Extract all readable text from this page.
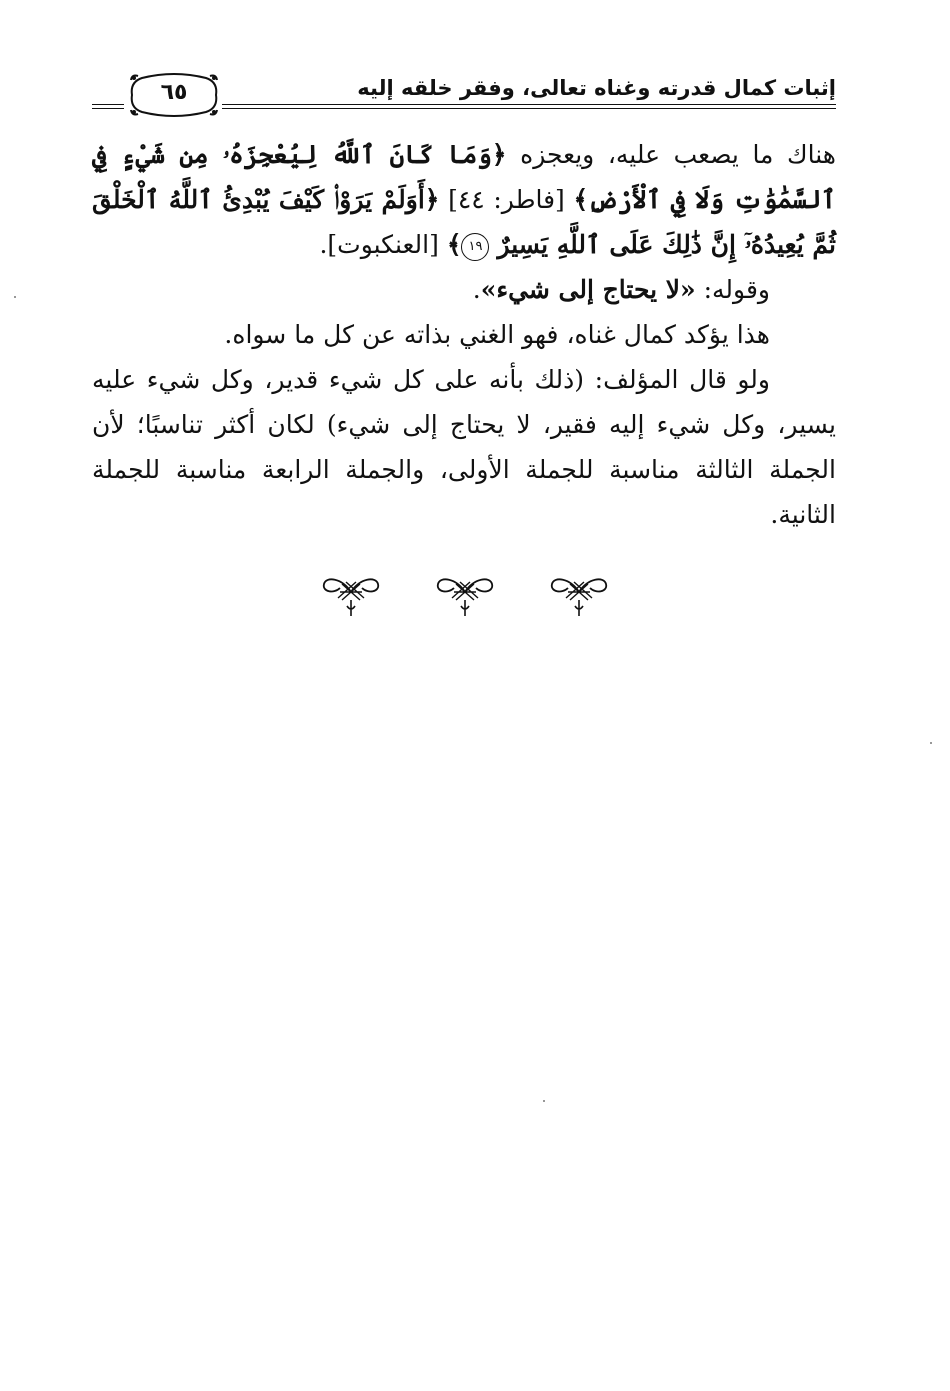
إثبات كمال قدرته وغناه تعالى، وفقر خلقه إليه
٦٥

هناك ما يصعب عليه، ويعجزه ﴿وَمَا كَانَ ٱللَّهُ لِيُعْجِزَهُۥ مِن شَيْءٍ فِي ٱلسَّمَٰوَٰتِ وَلَا فِي ٱلْأَرْضِ﴾ [فاطر: ٤٤] ﴿أَوَلَمْ يَرَوْا۟ كَيْفَ يُبْدِئُ ٱللَّهُ ٱلْخَلْقَ ثُمَّ يُعِيدُهُۥٓ إِنَّ ذَٰلِكَ عَلَى ٱللَّهِ يَسِيرٌ ١٩﴾ [العنكبوت].

وقوله: «لا يحتاج إلى شيء».

هذا يؤكد كمال غناه، فهو الغني بذاته عن كل ما سواه.

ولو قال المؤلف: (ذلك بأنه على كل شيء قدير، وكل شيء عليه يسير، وكل شيء إليه فقير، لا يحتاج إلى شيء) لكان أكثر تناسبًا؛ لأن الجملة الثالثة مناسبة للجملة الأولى، والجملة الرابعة مناسبة للجملة الثانية.
